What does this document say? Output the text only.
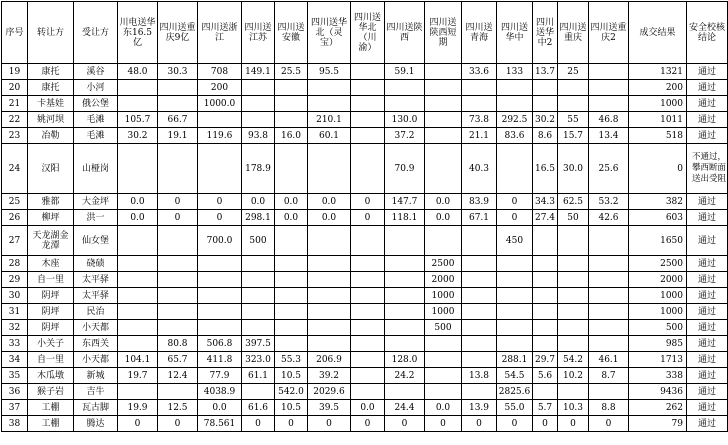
序号	转让方	受让方	川电送华东16.5亿	四川送重庆9亿	四川送浙江	四川送江苏	四川送安徽	四川送华北（灵宝）	四川送华北（川渝）	四川送陕西	四川送陕西短期	四川送青海	四川送华中	四川送华中2	四川送重庆	四川送重庆2	成交结果	安全校核结论
19	康托	溪谷	48.0	30.3	708	149.1	25.5	95.5		59.1		33.6	133	13.7	25		1321	通过
20	康托	小河			200												200	通过
21	卡基娃	俄公堡			1000.0												1000	通过
22	姚河坝	毛滩	105.7	66.7				210.1		130.0		73.8	292.5	30.2	55	46.8	1011	通过
23	冶勒	毛滩	30.2	19.1	119.6	93.8	16.0	60.1		37.2		21.1	83.6	8.6	15.7	13.4	518	通过
24	汉阳	山桠岗				178.9				70.9		40.3		16.5	30.0	25.6	0	不通过，攀西断面送出受阻
25	雅都	大金坪	0.0	0	0	0.0	0.0	0.0	0	147.7	0.0	83.9	0	34.3	62.5	53.2	382	通过
26	柳坪	洪一	0.0	0	0	298.1	0.0	0.0	0	118.1	0.0	67.1	0	27.4	50	42.6	603	通过
27	天龙湖金龙潭	仙女堡			700.0	500							450				1650	通过
28	木座	硗碛									2500						2500	通过
29	自一里	太平驿									2000						2000	通过
30	阴坪	太平驿									1000						1000	通过
31	阴坪	民治									1000						1000	通过
32	阴坪	小天都									500						500	通过
33	小关子	东西关		80.8	506.8	397.5											985	通过
34	自一里	小天都	104.1	65.7	411.8	323.0	55.3	206.9		128.0			288.1	29.7	54.2	46.1	1713	通过
35	木瓜墩	新城	19.7	12.4	77.9	61.1	10.5	39.2		24.2		13.8	54.5	5.6	10.2	8.7	338	通过
36	猴子岩	吉牛			4038.9		542.0	2029.6					2825.6				9436	通过
37	工棚	瓦古脚	19.9	12.5	0.0	61.6	10.5	39.5	0.0	24.4	0.0	13.9	55.0	5.7	10.3	8.8	262	通过
38	工棚	腾达	0	0	78.561	0	0	0	0	0	0	0	0	0	0	0	79	通过
